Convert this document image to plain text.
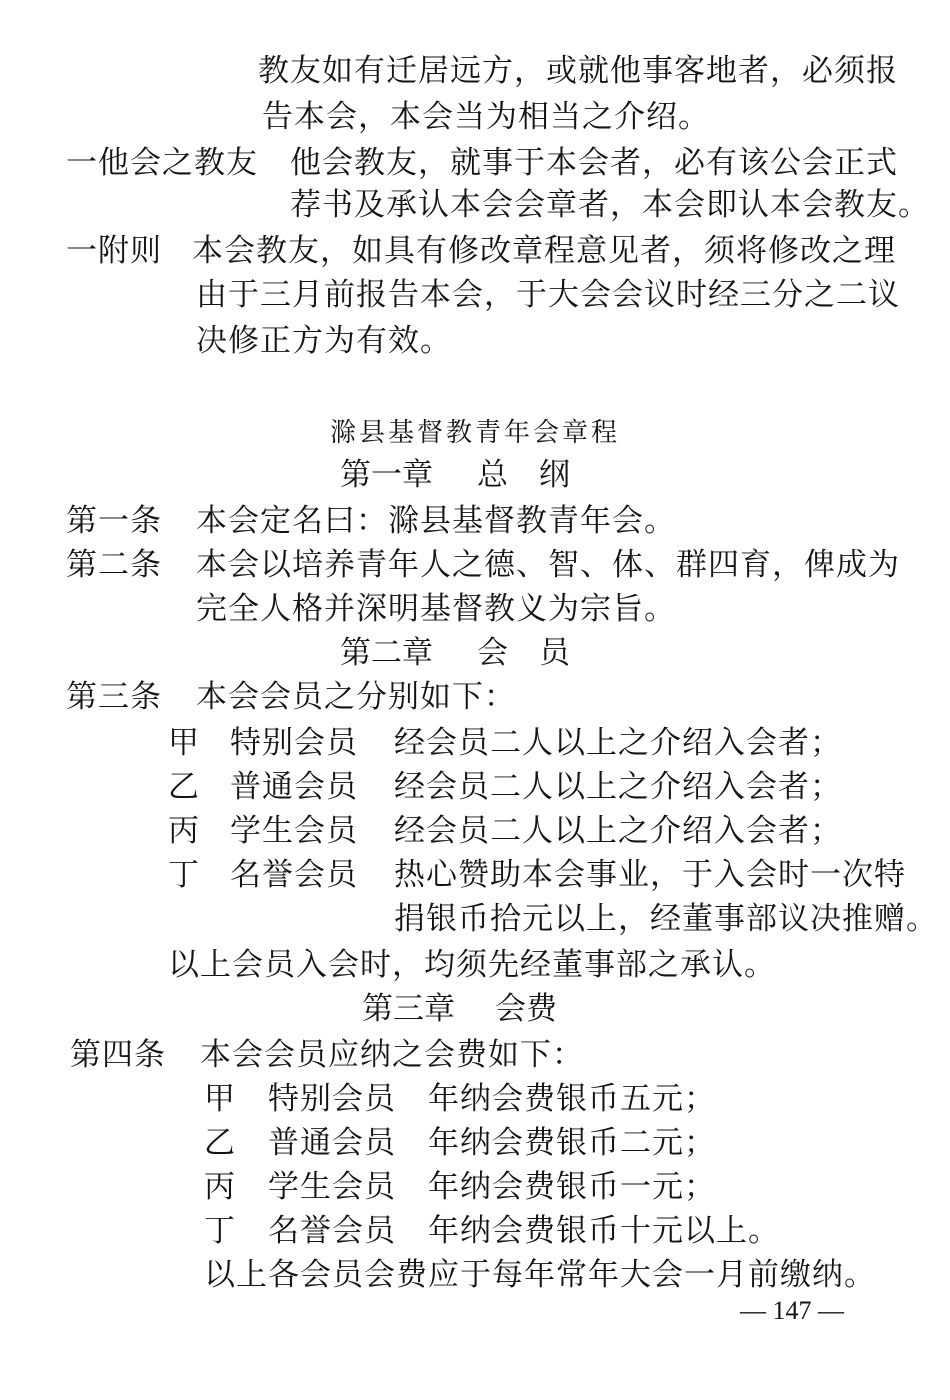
教友如有迁居远方，或就他事客地者，必须报
告本会，本会当为相当之介绍。
一他会之教友 他会教友，就事于本会者，必有该公会正式
荐书及承认本会会章者，本会即认本会教友。
一附则 本会教友，如具有修改章程意见者，须将修改之理
由于三月前报告本会，于大会会议时经三分之二议
决修正方为有效。
滁县基督教青年会章程
第一章 总　纲
第一条 本会定名曰：滁县基督教青年会。
第二条 本会以培养青年人之德、智、体、群四育，俾成为
完全人格并深明基督教义为宗旨。
第二章 会　员
第三条 本会会员之分别如下：
甲 特别会员 经会员二人以上之介绍入会者；
乙 普通会员 经会员二人以上之介绍入会者；
丙 学生会员 经会员二人以上之介绍入会者；
丁 名誉会员 热心赞助本会事业，于入会时一次特
捐银币拾元以上，经董事部议决推赠。
以上会员入会时，均须先经董事部之承认。
第三章 会费
第四条 本会会员应纳之会费如下：
甲 特别会员 年纳会费银币五元；
乙 普通会员 年纳会费银币二元；
丙 学生会员 年纳会费银币一元；
丁 名誉会员 年纳会费银币十元以上。
以上各会员会费应于每年常年大会一月前缴纳。
— 147 —
